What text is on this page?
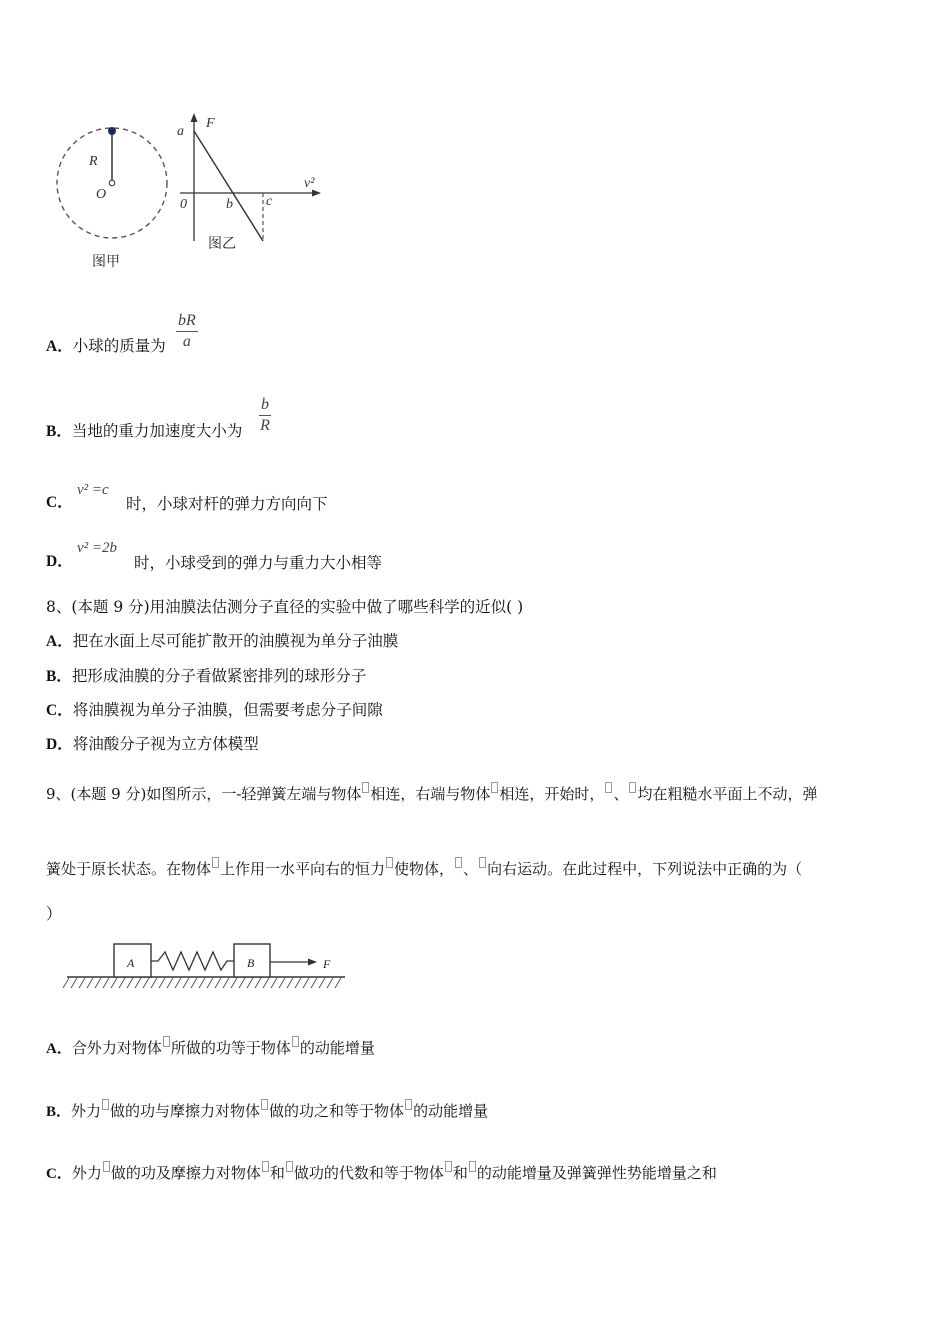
R
O
图甲
a
F
v²
0	b c
图乙
A．小球的质量为 $\frac{bR}{a}$
B．当地的重力加速度大小为 $\frac{b}{R}$
C．
v² =c
时，小球对杆的弹力方向向下
D．
v² =2b
时，小球受到的弹力与重力大小相等
8、(本题 9 分)用油膜法估测分子直径的实验中做了哪些科学的近似( )
A．把在水面上尽可能扩散开的油膜视为单分子油膜
B．把形成油膜的分子看做紧密排列的球形分子
C．将油膜视为单分子油膜，但需要考虑分子间隙
D．将油酸分子视为立方体模型
9、(本题 9 分)如图所示，一-轻弹簧左端与物体 相连，右端与物体 相连，开始时， 、 均在粗糙水平面上不动，弹
簧处于原长状态。在物体 上作用一水平向右的恒力 使物体， 、 向右运动。在此过程中，下列说法中正确的为（
）
A	B	F
A．合外力对物体 所做的功等于物体 的动能增量
B．外力 做的功与摩擦力对物体 做的功之和等于物体 的动能增量
C．外力 做的功及摩擦力对物体 和 做功的代数和等于物体 和 的动能增量及弹簧弹性势能增量之和
